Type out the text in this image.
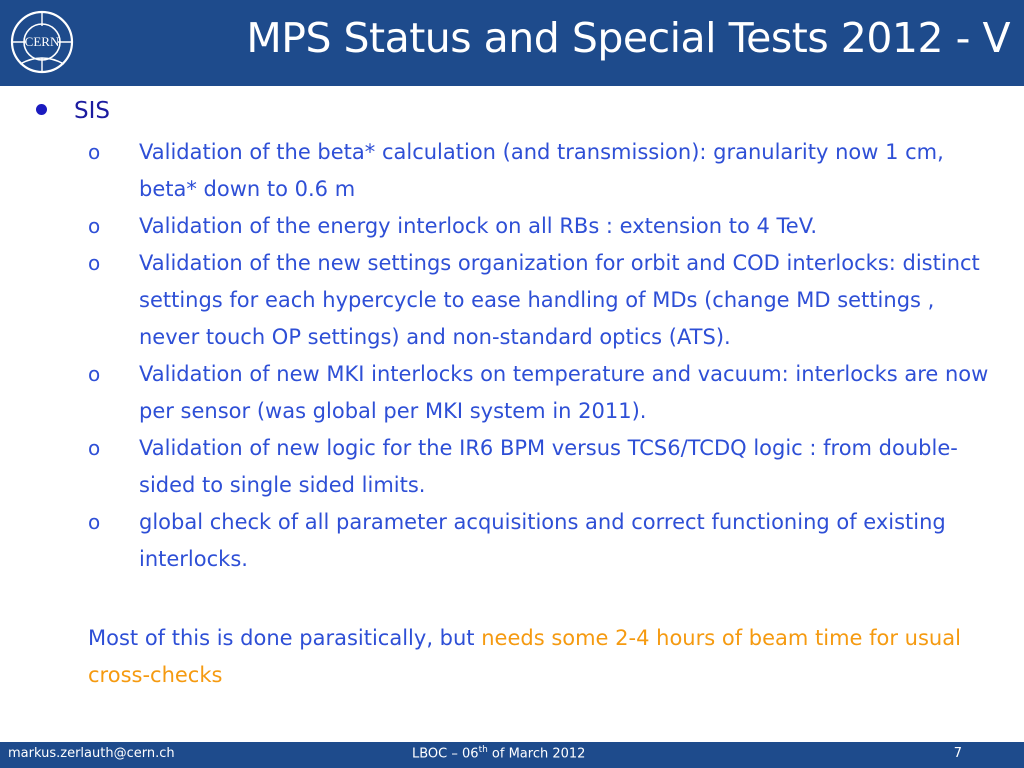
CERN	MPS Status and Special Tests 2012 - V
SIS
o	Validation of the beta* calculation (and transmission): granularity now 1 cm, beta* down to 0.6 m
o	Validation of the energy interlock on all RBs : extension to 4 TeV.
o	Validation of the new settings organization for orbit and COD interlocks: distinct settings for each hypercycle to ease handling of MDs (change MD settings , never touch OP settings) and non-standard optics (ATS).
o	Validation of new MKI interlocks on temperature and vacuum: interlocks are now per sensor (was global per MKI system in 2011).
o	Validation of new logic for the IR6 BPM versus TCS6/TCDQ logic : from double-sided to single sided limits.
o	global check of all parameter acquisitions and correct functioning of existing interlocks.
Most of this is done parasitically, but needs some 2-4 hours of beam time for usual cross-checks
markus.zerlauth@cern.ch	LBOC – 06th of March 2012	7
